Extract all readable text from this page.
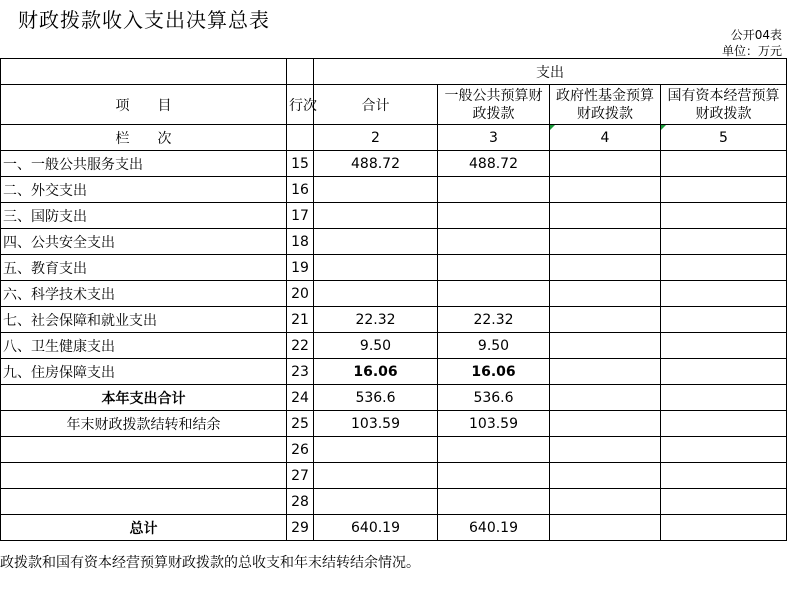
财政拨款收入支出决算总表
公开04表
单位：万元
		支出			
项　　目	行次	合计	一般公共预算财政拨款	政府性基金预算财政拨款	国有资本经营预算财政拨款
栏　　次		2	3	4	5
一、一般公共服务支出	15	488.72	488.72		
二、外交支出	16				
三、国防支出	17				
四、公共安全支出	18				
五、教育支出	19				
六、科学技术支出	20				
七、社会保障和就业支出	21	22.32	22.32		
八、卫生健康支出	22	9.50	9.50		
九、住房保障支出	23	16.06	16.06		
本年支出合计	24	536.6	536.6		
年末财政拨款结转和结余	25	103.59	103.59		
	26				
	27				
	28				
总计	29	640.19	640.19		
政拨款和国有资本经营预算财政拨款的总收支和年末结转结余情况。
